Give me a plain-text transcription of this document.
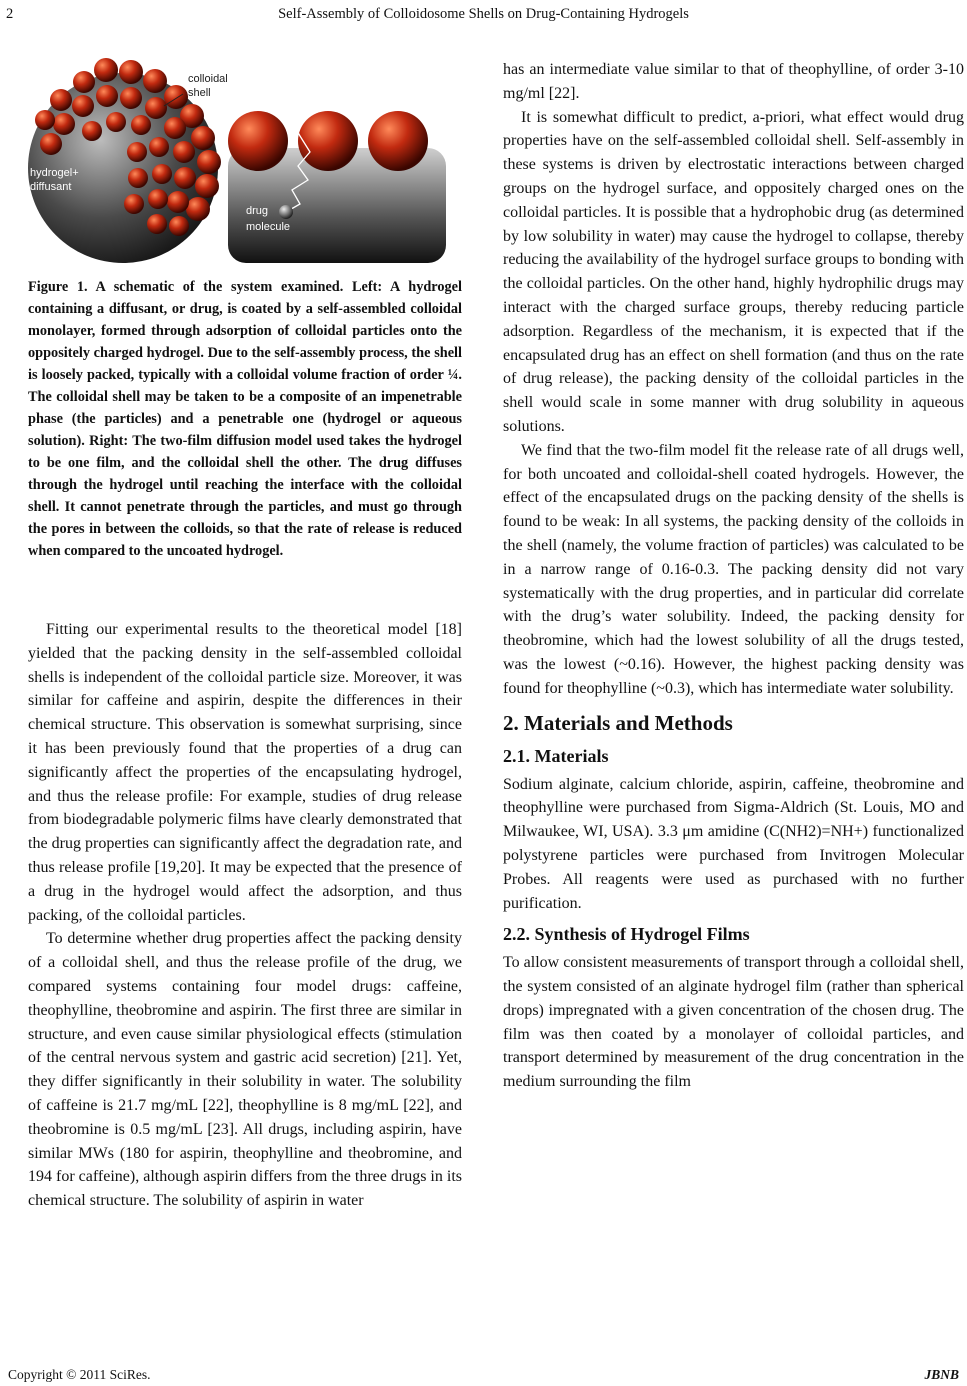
2	Self-Assembly of Colloidosome Shells on Drug-Containing Hydrogels
colloidal
shell
hydrogel+
diffusant
drug
molecule
Figure 1. A schematic of the system examined. Left: A hydrogel containing a diffusant, or drug, is coated by a self-assembled colloidal monolayer, formed through adsorption of colloidal particles onto the oppositely charged hydrogel. Due to the self-assembly process, the shell is loosely packed, typically with a colloidal volume fraction of order ¼. The colloidal shell may be taken to be a composite of an impenetrable phase (the particles) and a penetrable one (hydrogel or aqueous solution). Right: The two-film diffusion model used takes the hydrogel to be one film, and the colloidal shell the other. The drug diffuses through the hydrogel until reaching the interface with the colloidal shell. It cannot penetrate through the particles, and must go through the pores in between the colloids, so that the rate of release is reduced when compared to the uncoated hydrogel.

Fitting our experimental results to the theoretical model [18] yielded that the packing density in the self-assembled colloidal shells is independent of the colloidal particle size. Moreover, it was similar for caffeine and aspirin, despite the differences in their chemical structure. This observation is somewhat surprising, since it has been previously found that the properties of a drug can significantly affect the properties of the encapsulating hydrogel, and thus the release profile: For example, studies of drug release from biodegradable polymeric films have clearly demonstrated that the drug properties can significantly affect the degradation rate, and thus release profile [19,20]. It may be expected that the presence of a drug in the hydrogel would affect the adsorption, and thus packing, of the colloidal particles.

To determine whether drug properties affect the packing density of a colloidal shell, and thus the release profile of the drug, we compared systems containing four model drugs: caffeine, theophylline, theobromine and aspirin. The first three are similar in structure, and even cause similar physiological effects (stimulation of the central nervous system and gastric acid secretion) [21]. Yet, they differ significantly in their solubility in water. The solubility of caffeine is 21.7 mg/mL [22], theophylline is 8 mg/mL [22], and theobromine is 0.5 mg/mL [23]. All drugs, including aspirin, have similar MWs (180 for aspirin, theophylline and theobromine, and 194 for caffeine), although aspirin differs from the three drugs in its chemical structure. The solubility of aspirin in water

has an intermediate value similar to that of theophylline, of order 3-10 mg/ml [22].

It is somewhat difficult to predict, a-priori, what effect would drug properties have on the self-assembled colloidal shell. Self-assembly in these systems is driven by electrostatic interactions between charged groups on the hydrogel surface, and oppositely charged ones on the colloidal particles. It is possible that a hydrophobic drug (as determined by low solubility in water) may cause the hydrogel to collapse, thereby reducing the availability of the hydrogel surface groups to bonding with the colloidal particles. On the other hand, highly hydrophilic drugs may interact with the charged surface groups, thereby reducing particle adsorption. Regardless of the mechanism, it is expected that if the encapsulated drug has an effect on shell formation (and thus on the rate of drug release), the packing density of the colloidal particles in the shell would scale in some manner with drug solubility in aqueous solutions.

We find that the two-film model fit the release rate of all drugs well, for both uncoated and colloidal-shell coated hydrogels. However, the effect of the encapsulated drugs on the packing density of the shells is found to be weak: In all systems, the packing density of the colloids in the shell (namely, the volume fraction of particles) was calculated to be in a narrow range of 0.16-0.3. The packing density did not vary systematically with the drug properties, and in particular did correlate with the drug’s water solubility. Indeed, the packing density for theobromine, which had the lowest solubility of all the drugs tested, was the lowest (~0.16). However, the highest packing density was found for theophylline (~0.3), which has intermediate water solubility.

2. Materials and Methods
2.1. Materials

Sodium alginate, calcium chloride, aspirin, caffeine, theobromine and theophylline were purchased from Sigma-Aldrich (St. Louis, MO and Milwaukee, WI, USA). 3.3 μm amidine (C(NH2)=NH+) functionalized polystyrene particles were purchased from Invitrogen Molecular Probes. All reagents were used as purchased with no further purification.

2.2. Synthesis of Hydrogel Films

To allow consistent measurements of transport through a colloidal shell, the system consisted of an alginate hydrogel film (rather than spherical drops) impregnated with a given concentration of the chosen drug. The film was then coated by a monolayer of colloidal particles, and transport determined by measurement of the drug concentration in the medium surrounding the film

Copyright © 2011 SciRes.	JBNB
